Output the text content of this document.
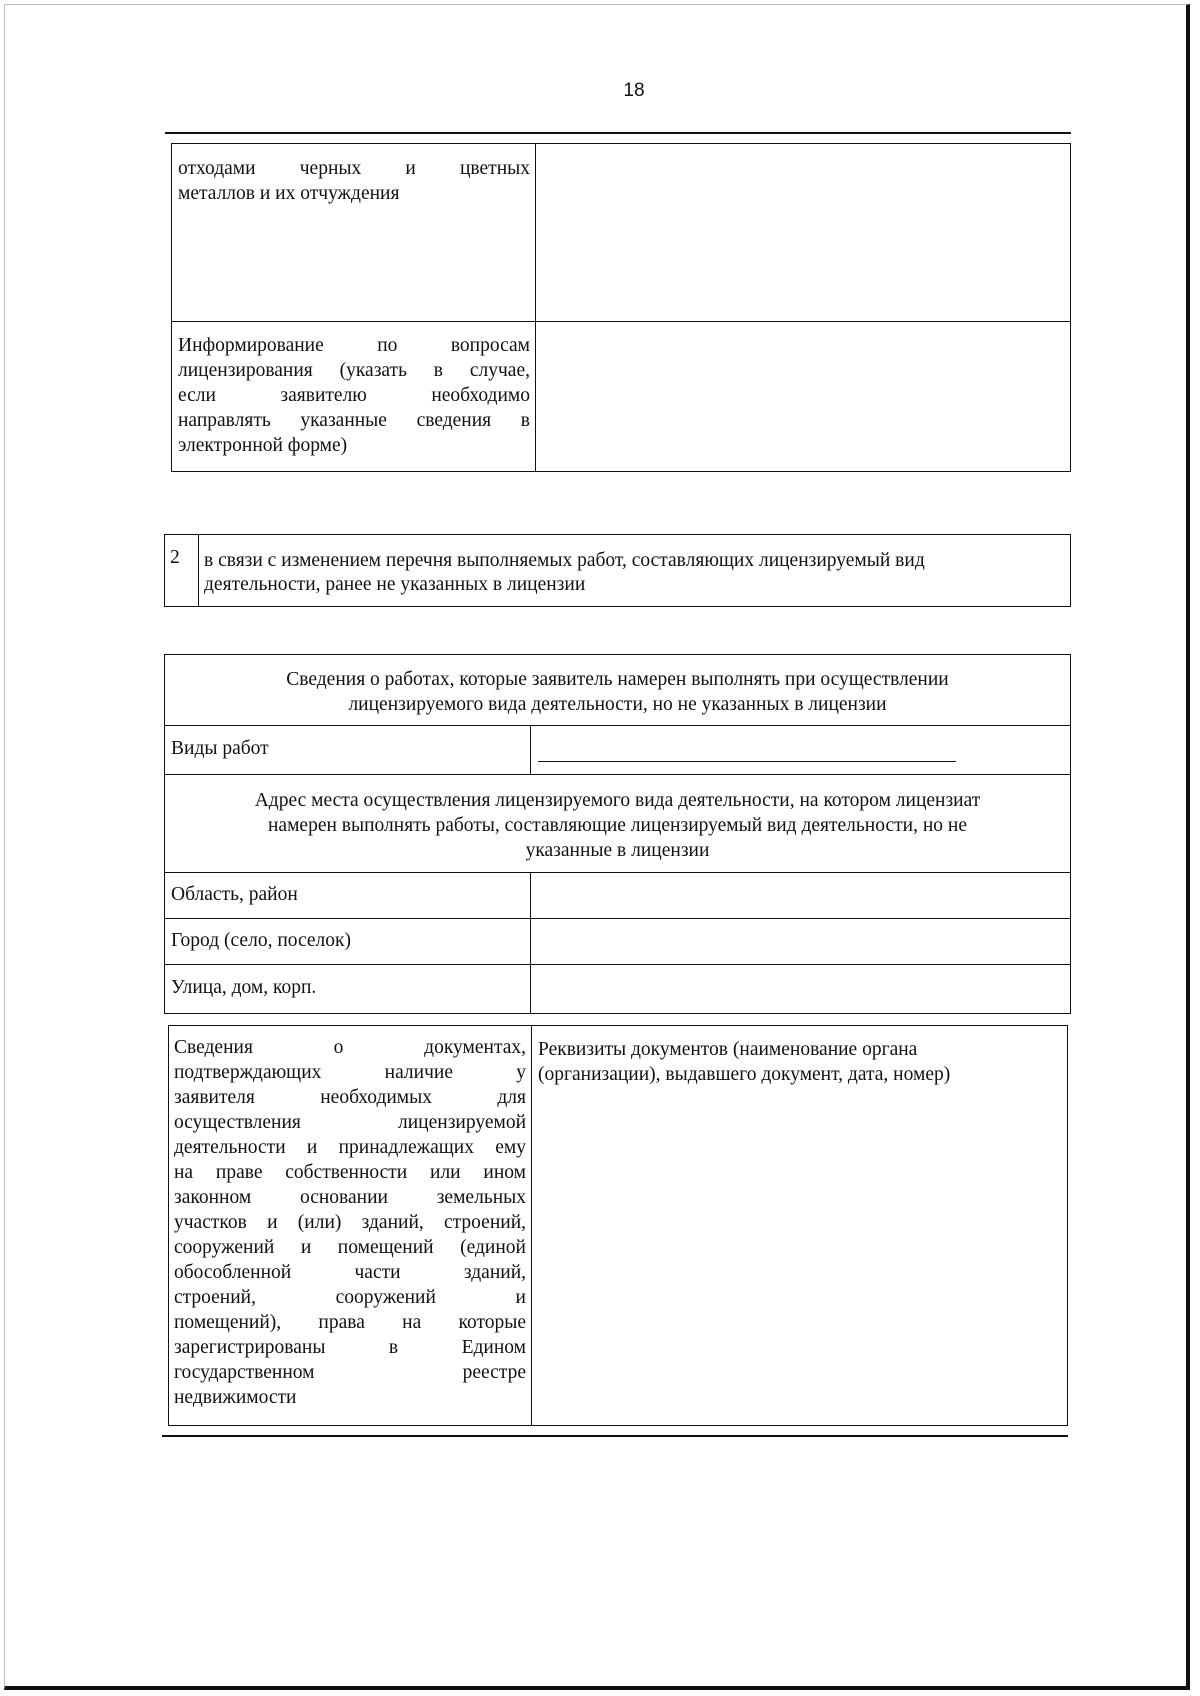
18
отходами черных и цветных
металлов и их отчуждения
Информирование по вопросам
лицензирования (указать в случае,
если заявителю необходимо
направлять указанные сведения в
электронной форме)
2 в связи с изменением перечня выполняемых работ, составляющих лицензируемый вид
деятельности, ранее не указанных в лицензии
Сведения о работах, которые заявитель намерен выполнять при осуществлении
лицензируемого вида деятельности, но не указанных в лицензии
Виды работ
Адрес места осуществления лицензируемого вида деятельности, на котором лицензиат
намерен выполнять работы, составляющие лицензируемый вид деятельности, но не
указанные в лицензии
Область, район
Город (село, поселок)
Улица, дом, корп.
Сведения о документах,
подтверждающих наличие у
заявителя необходимых для
осуществления лицензируемой
деятельности и принадлежащих ему
на праве собственности или ином
законном основании земельных
участков и (или) зданий, строений,
сооружений и помещений (единой
обособленной части зданий,
строений, сооружений и
помещений), права на которые
зарегистрированы в Едином
государственном реестре
недвижимости
Реквизиты документов (наименование органа
(организации), выдавшего документ, дата, номер)
